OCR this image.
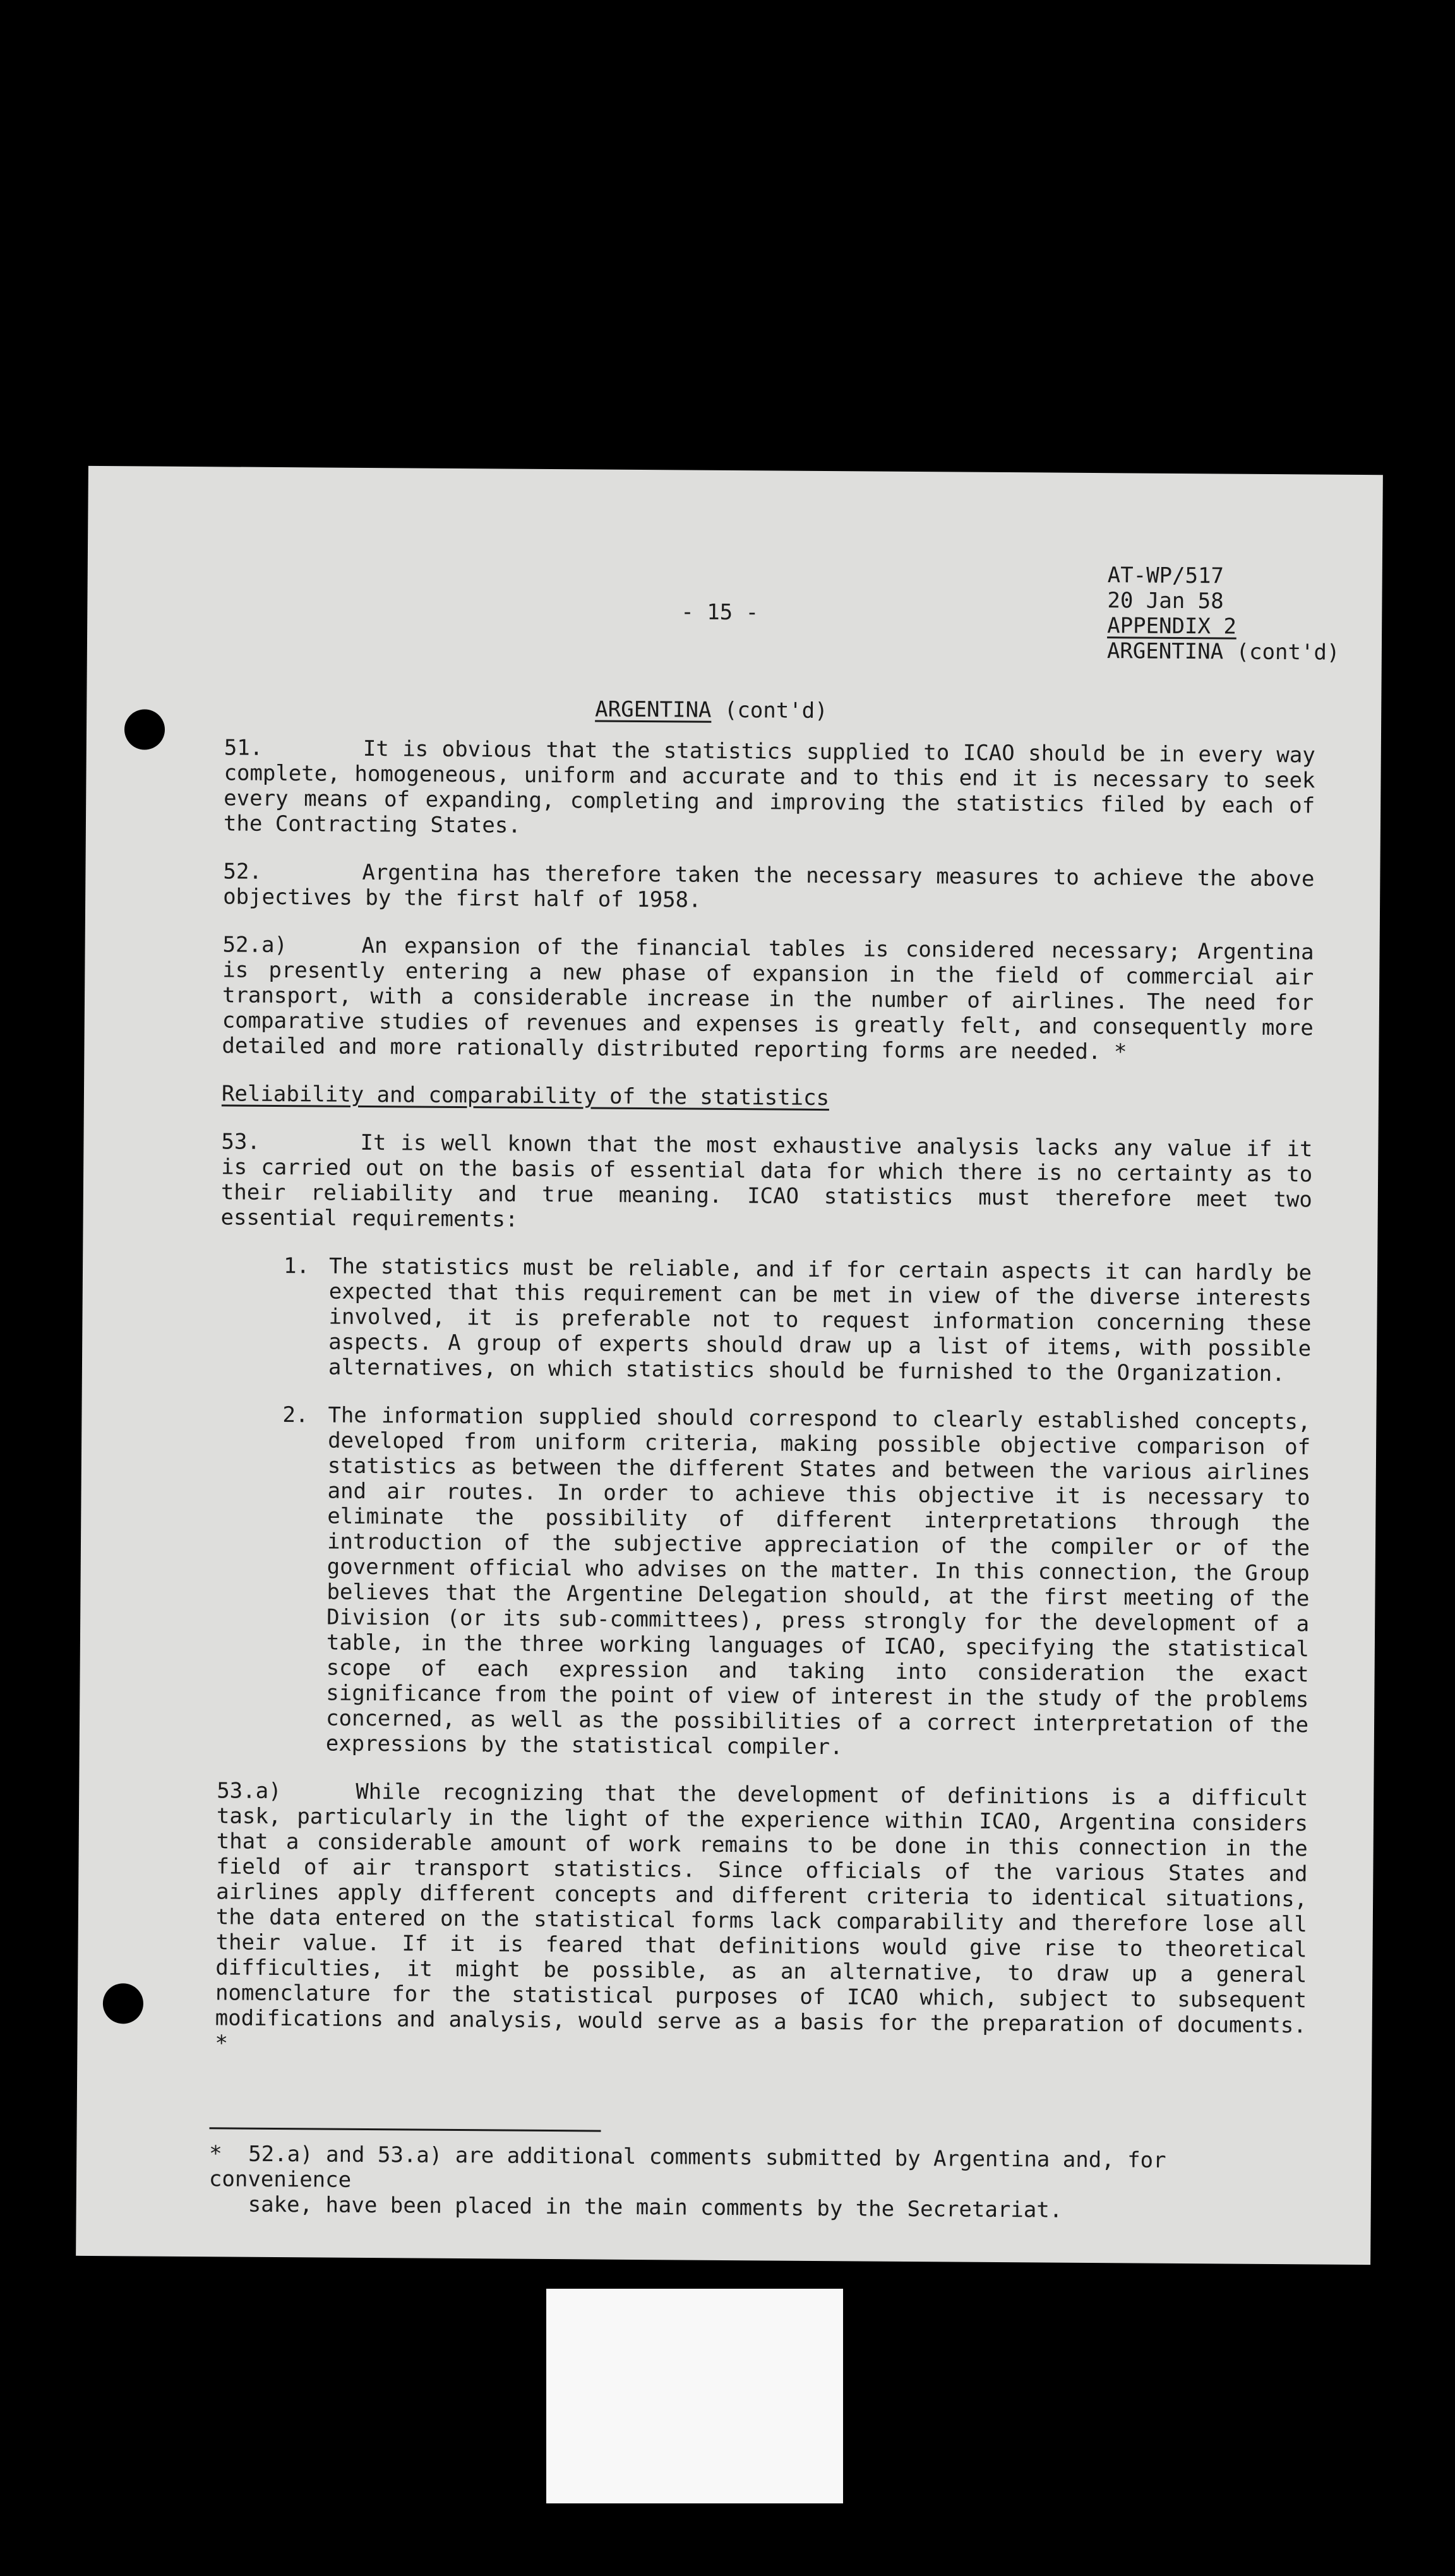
- 15 -
AT-WP/517
20 Jan 58
APPENDIX 2
ARGENTINA (cont'd)
ARGENTINA (cont'd)
51.	It is obvious that the statistics supplied to ICAO should be in every way complete, homogeneous, uniform and accurate and to this end it is necessary to seek every means of expanding, completing and improving the statistics filed by each of the Contracting States.
52.	Argentina has therefore taken the necessary measures to achieve the above objectives by the first half of 1958.
52.a)	An expansion of the financial tables is considered necessary; Argentina is presently entering a new phase of expansion in the field of commercial air transport, with a considerable increase in the number of airlines. The need for comparative studies of revenues and expenses is greatly felt, and consequently more detailed and more rationally distributed reporting forms are needed. *
Reliability and comparability of the statistics
53.	It is well known that the most exhaustive analysis lacks any value if it is carried out on the basis of essential data for which there is no certainty as to their reliability and true meaning. ICAO statistics must therefore meet two essential requirements:
1. The statistics must be reliable, and if for certain aspects it can hardly be expected that this requirement can be met in view of the diverse interests involved, it is preferable not to request information concerning these aspects. A group of experts should draw up a list of items, with possible alternatives, on which statistics should be furnished to the Organization.
2. The information supplied should correspond to clearly established concepts, developed from uniform criteria, making possible objective comparison of statistics as between the different States and between the various airlines and air routes. In order to achieve this objective it is necessary to eliminate the possibility of different interpretations through the introduction of the subjective appreciation of the compiler or of the government official who advises on the matter. In this connection, the Group believes that the Argentine Delegation should, at the first meeting of the Division (or its sub-committees), press strongly for the development of a table, in the three working languages of ICAO, specifying the statistical scope of each expression and taking into consideration the exact significance from the point of view of interest in the study of the problems concerned, as well as the possibilities of a correct interpretation of the expressions by the statistical compiler.
53.a)	While recognizing that the development of definitions is a difficult task, particularly in the light of the experience within ICAO, Argentina considers that a considerable amount of work remains to be done in this connection in the field of air transport statistics. Since officials of the various States and airlines apply different concepts and different criteria to identical situations, the data entered on the statistical forms lack comparability and therefore lose all their value. If it is feared that definitions would give rise to theoretical difficulties, it might be possible, as an alternative, to draw up a general nomenclature for the statistical purposes of ICAO which, subject to subsequent modifications and analysis, would serve as a basis for the preparation of documents. *
* 52.a) and 53.a) are additional comments submitted by Argentina and, for convenience
sake, have been placed in the main comments by the Secretariat.
